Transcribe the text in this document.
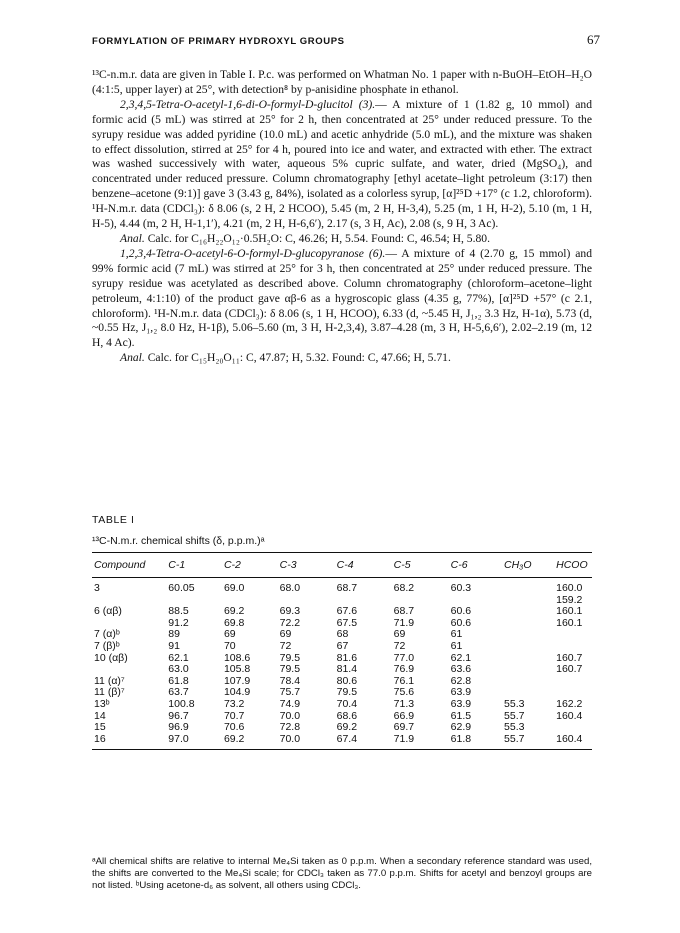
FORMYLATION OF PRIMARY HYDROXYL GROUPS	67

¹³C-n.m.r. data are given in Table I. P.c. was performed on Whatman No. 1 paper with n-BuOH–EtOH–H₂O (4:1:5, upper layer) at 25°, with detection⁸ by p-anisidine phosphate in ethanol.

2,3,4,5-Tetra-O-acetyl-1,6-di-O-formyl-D-glucitol (3).— A mixture of 1 (1.82 g, 10 mmol) and formic acid (5 mL) was stirred at 25° for 2 h, then concentrated at 25° under reduced pressure. To the syrupy residue was added pyridine (10.0 mL) and acetic anhydride (5.0 mL), and the mixture was shaken to effect dissolution, stirred at 25° for 4 h, poured into ice and water, and extracted with ether. The extract was washed successively with water, aqueous 5% cupric sulfate, and water, dried (MgSO₄), and concentrated under reduced pressure. Column chromatography [ethyl acetate–light petroleum (3:17) then benzene–acetone (9:1)] gave 3 (3.43 g, 84%), isolated as a colorless syrup, [α]²⁵D +17° (c 1.2, chloroform). ¹H-N.m.r. data (CDCl₃): δ 8.06 (s, 2 H, 2 HCOO), 5.45 (m, 2 H, H-3,4), 5.25 (m, 1 H, H-2), 5.10 (m, 1 H, H-5), 4.44 (m, 2 H, H-1,1′), 4.21 (m, 2 H, H-6,6′), 2.17 (s, 3 H, Ac), 2.08 (s, 9 H, 3 Ac).

Anal. Calc. for C₁₆H₂₂O₁₂·0.5H₂O: C, 46.26; H, 5.54. Found: C, 46.54; H, 5.80.

1,2,3,4-Tetra-O-acetyl-6-O-formyl-D-glucopyranose (6).— A mixture of 4 (2.70 g, 15 mmol) and 99% formic acid (7 mL) was stirred at 25° for 3 h, then concentrated at 25° under reduced pressure. The syrupy residue was acetylated as described above. Column chromatography (chloroform–acetone–light petroleum, 4:1:10) of the product gave αβ-6 as a hygroscopic glass (4.35 g, 77%), [α]²⁵D +57° (c 2.1, chloroform). ¹H-N.m.r. data (CDCl₃): δ 8.06 (s, 1 H, HCOO), 6.33 (d, ~5.45 H, J₁,₂ 3.3 Hz, H-1α), 5.73 (d, ~0.55 Hz, J₁,₂ 8.0 Hz, H-1β), 5.06–5.60 (m, 3 H, H-2,3,4), 3.87–4.28 (m, 3 H, H-5,6,6′), 2.02–2.19 (m, 12 H, 4 Ac).

Anal. Calc. for C₁₅H₂₀O₁₁: C, 47.87; H, 5.32. Found: C, 47.66; H, 5.71.

TABLE I
¹³C-N.m.r. chemical shifts (δ, p.p.m.)ᵃ
Compound	C-1	C-2	C-3	C-4	C-5	C-6	CH₃O	HCOO
3	60.05	69.0	68.0	68.7	68.2	60.3		160.0
								159.2
6 (αβ)	88.5	69.2	69.3	67.6	68.7	60.6		160.1
	91.2	69.8	72.2	67.5	71.9	60.6		160.1
7 (α)ᵇ	89	69	69	68	69	61		
7 (β)ᵇ	91	70	72	67	72	61		
10 (αβ)	62.1	108.6	79.5	81.6	77.0	62.1		160.7
	63.0	105.8	79.5	81.4	76.9	63.6		160.7
11 (α)⁷	61.8	107.9	78.4	80.6	76.1	62.8		
11 (β)⁷	63.7	104.9	75.7	79.5	75.6	63.9		
13ᵇ	100.8	73.2	74.9	70.4	71.3	63.9	55.3	162.2
14	96.7	70.7	70.0	68.6	66.9	61.5	55.7	160.4
15	96.9	70.6	72.8	69.2	69.7	62.9	55.3	
16	97.0	69.2	70.0	67.4	71.9	61.8	55.7	160.4
ᵃAll chemical shifts are relative to internal Me₄Si taken as 0 p.p.m. When a secondary reference standard was used, the shifts are converted to the Me₄Si scale; for CDCl₃ taken as 77.0 p.p.m. Shifts for acetyl and benzoyl groups are not listed. ᵇUsing acetone-d₆ as solvent, all others using CDCl₃.
